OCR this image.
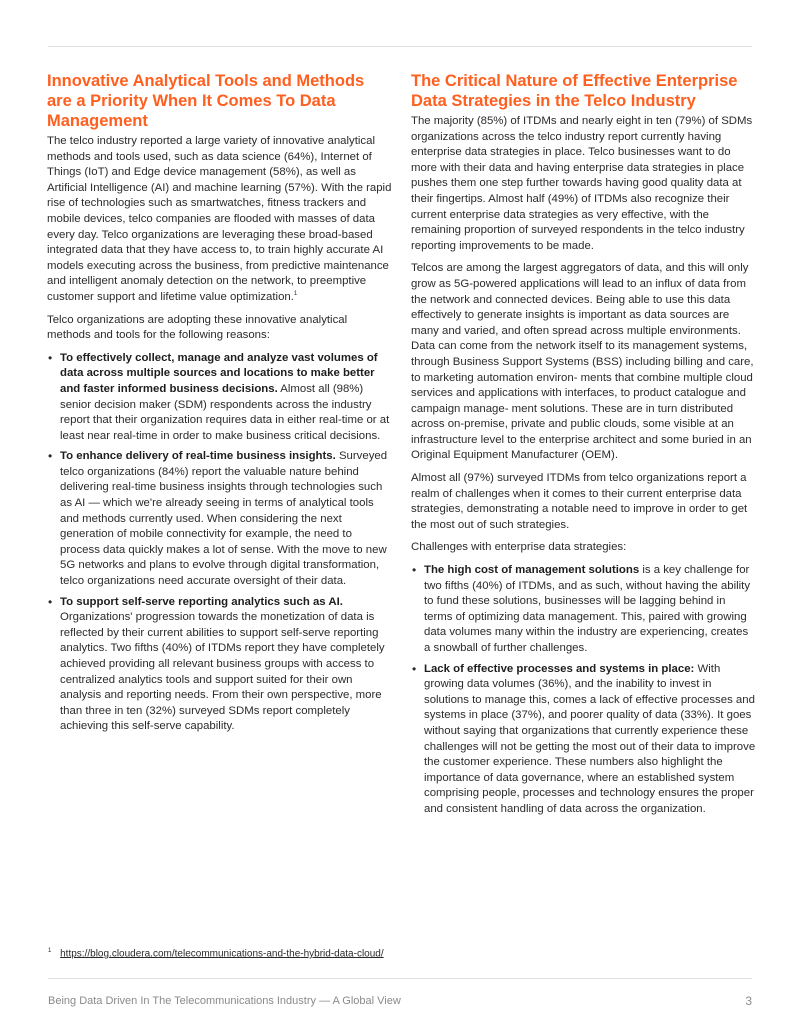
Innovative Analytical Tools and Methods are a Priority When It Comes To Data Management

The telco industry reported a large variety of innovative analytical methods and tools used, such as data science (64%), Internet of Things (IoT) and Edge device management (58%), as well as Artificial Intelligence (AI) and machine learning (57%). With the rapid rise of technologies such as smartwatches, fitness trackers and mobile devices, telco companies are flooded with masses of data every day. Telco organizations are leveraging these broad-based integrated data that they have access to, to train highly accurate AI models executing across the business, from predictive maintenance and intelligent anomaly detection on the network, to preemptive customer support and lifetime value optimization.$^1$

Telco organizations are adopting these innovative analytical methods and tools for the following reasons:

• To effectively collect, manage and analyze vast volumes of data across multiple sources and locations to make better and faster informed business decisions. Almost all (98%) senior decision maker (SDM) respondents across the industry report that their organization requires data in either real-time or at least near real-time in order to make business critical decisions.
• To enhance delivery of real-time business insights. Surveyed telco organizations (84%) report the valuable nature behind delivering real-time business insights through technologies such as AI — which we're already seeing in terms of analytical tools and methods currently used. When considering the next generation of mobile connectivity for example, the need to process data quickly makes a lot of sense. With the move to new 5G networks and plans to evolve through digital transformation, telco organizations need accurate oversight of their data.
• To support self-serve reporting analytics such as AI. Organizations' progression towards the monetization of data is reflected by their current abilities to support self-serve reporting analytics. Two fifths (40%) of ITDMs report they have completely achieved providing all relevant business groups with access to centralized analytics tools and support suited for their own analysis and reporting needs. From their own perspective, more than three in ten (32%) surveyed SDMs report completely achieving this self-serve capability.
The Critical Nature of Effective Enterprise Data Strategies in the Telco Industry

The majority (85%) of ITDMs and nearly eight in ten (79%) of SDMs organizations across the telco industry report currently having enterprise data strategies in place. Telco businesses want to do more with their data and having enterprise data strategies in place pushes them one step further towards having good quality data at their fingertips. Almost half (49%) of ITDMs also recognize their current enterprise data strategies as very effective, with the remaining proportion of surveyed respondents in the telco industry reporting improvements to be made.

Telcos are among the largest aggregators of data, and this will only grow as 5G-powered applications will lead to an influx of data from the network and connected devices. Being able to use this data effectively to generate insights is important as data sources are many and varied, and often spread across multiple environments. Data can come from the network itself to its management systems, through Business Support Systems (BSS) including billing and care, to marketing automation environ- ments that combine multiple cloud services and applications with interfaces, to product catalogue and campaign manage- ment solutions. These are in turn distributed across on-premise, private and public clouds, some visible at an infrastructure level to the enterprise architect and some buried in an Original Equipment Manufacturer (OEM).

Almost all (97%) surveyed ITDMs from telco organizations report a realm of challenges when it comes to their current enterprise data strategies, demonstrating a notable need to improve in order to get the most out of such strategies.

Challenges with enterprise data strategies:

• The high cost of management solutions is a key challenge for two fifths (40%) of ITDMs, and as such, without having the ability to fund these solutions, businesses will be lagging behind in terms of optimizing data management. This, paired with growing data volumes many within the industry are experiencing, creates a snowball of further challenges.
• Lack of effective processes and systems in place: With growing data volumes (36%), and the inability to invest in solutions to manage this, comes a lack of effective processes and systems in place (37%), and poorer quality of data (33%). It goes without saying that organizations that currently experience these challenges will not be getting the most out of their data to improve the customer experience. These numbers also highlight the importance of data governance, where an established system comprising people, processes and technology ensures the proper and consistent handling of data across the organization.
$^1$ https://blog.cloudera.com/telecommunications-and-the-hybrid-data-cloud/
Being Data Driven In The Telecommunications Industry — A Global View	3
